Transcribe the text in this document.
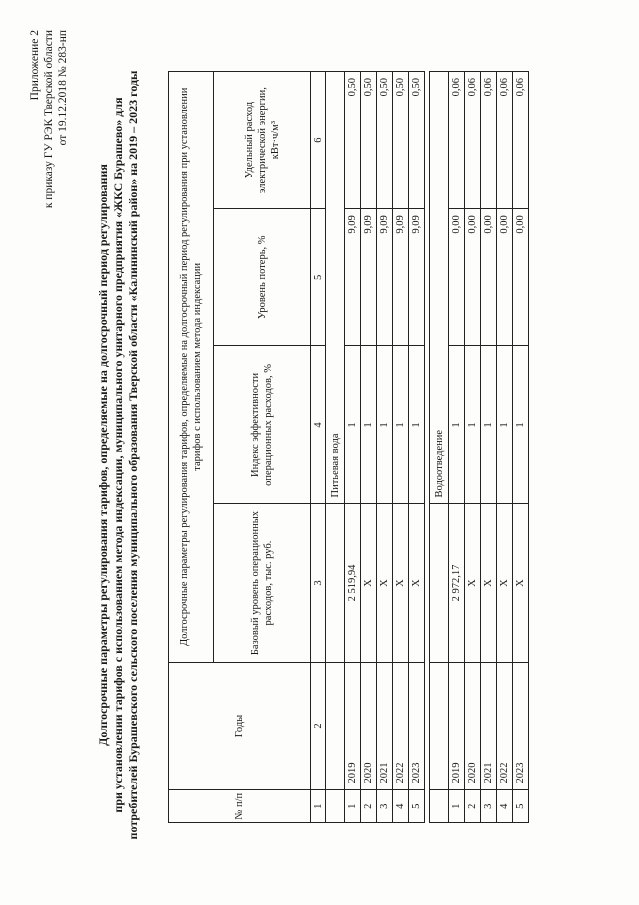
Приложение 2 к приказу ГУ РЭК Тверской области от 19.12.2018 № 283-нп
Долгосрочные параметры регулирования тарифов, определяемые на долгосрочный период регулирования при установлении тарифов с использованием метода индексации, муниципального унитарного предприятия «ЖКС Бурашево» для потребителей Бурашевского сельского поселения муниципального образования Тверской области «Калининский район» на 2019 – 2023 годы	№ п/п	Годы	Долгосрочные параметры регулирования тарифов, определяемые на долгосрочный период регулирования при установлении тарифов с использованием метода индексации			
		Базовый уровень операционных расходов, тыс. руб.	Индекс эффективности операционных расходов, %	Уровень потерь, %	Удельный расход электрической энергии, кВт·ч/м³
1	2	3	4	5	6
			Питьевая вода		
1	2019	2 519,94	1	9,09	0,50
2	2020	Х	1	9,09	0,50
3	2021	Х	1	9,09	0,50
4	2022	Х	1	9,09	0,50
5	2023	Х	1	9,09	0,50

			Водоотведение		
1	2019	2 972,17	1	0,00	0,06
2	2020	Х	1	0,00	0,06
3	2021	Х	1	0,00	0,06
4	2022	Х	1	0,00	0,06
5	2023	Х	1	0,00	0,06
